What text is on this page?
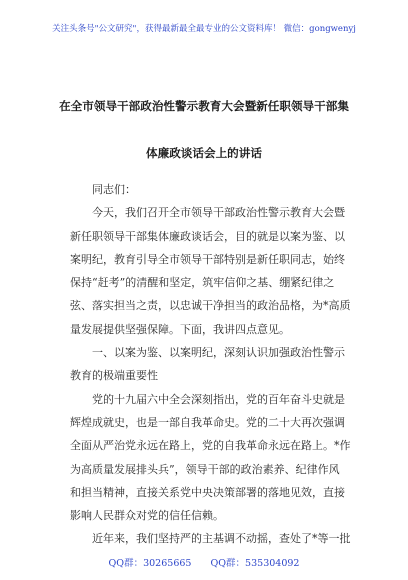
关注头条号"公文研究"，获得最新最全最专业的公文资料库！ 微信：gongwenyj
在全市领导干部政治性警示教育大会暨新任职领导干部集
体廉政谈话会上的讲话

同志们：

今天，我们召开全市领导干部政治性警示教育大会暨

新任职领导干部集体廉政谈话会，目的就是以案为鉴、以

案明纪，教育引导全市领导干部特别是新任职同志，始终

保持“赶考”的清醒和坚定，筑牢信仰之基、绷紧纪律之

弦、落实担当之责，以忠诚干净担当的政治品格，为*高质

量发展提供坚强保障。下面，我讲四点意见。

一、以案为鉴、以案明纪，深刻认识加强政治性警示

教育的极端重要性

党的十九届六中全会深刻指出，党的百年奋斗史就是

辉煌成就史，也是一部自我革命史。党的二十大再次强调

全面从严治党永远在路上，党的自我革命永远在路上。*作

为高质量发展排头兵”，领导干部的政治素养、纪律作风

和担当精神，直接关系党中央决策部署的落地见效，直接

影响人民群众对党的信任信赖。

近年来，我们坚持严的主基调不动摇，查处了*等一批

QQ群：30265665 QQ群：535304092
